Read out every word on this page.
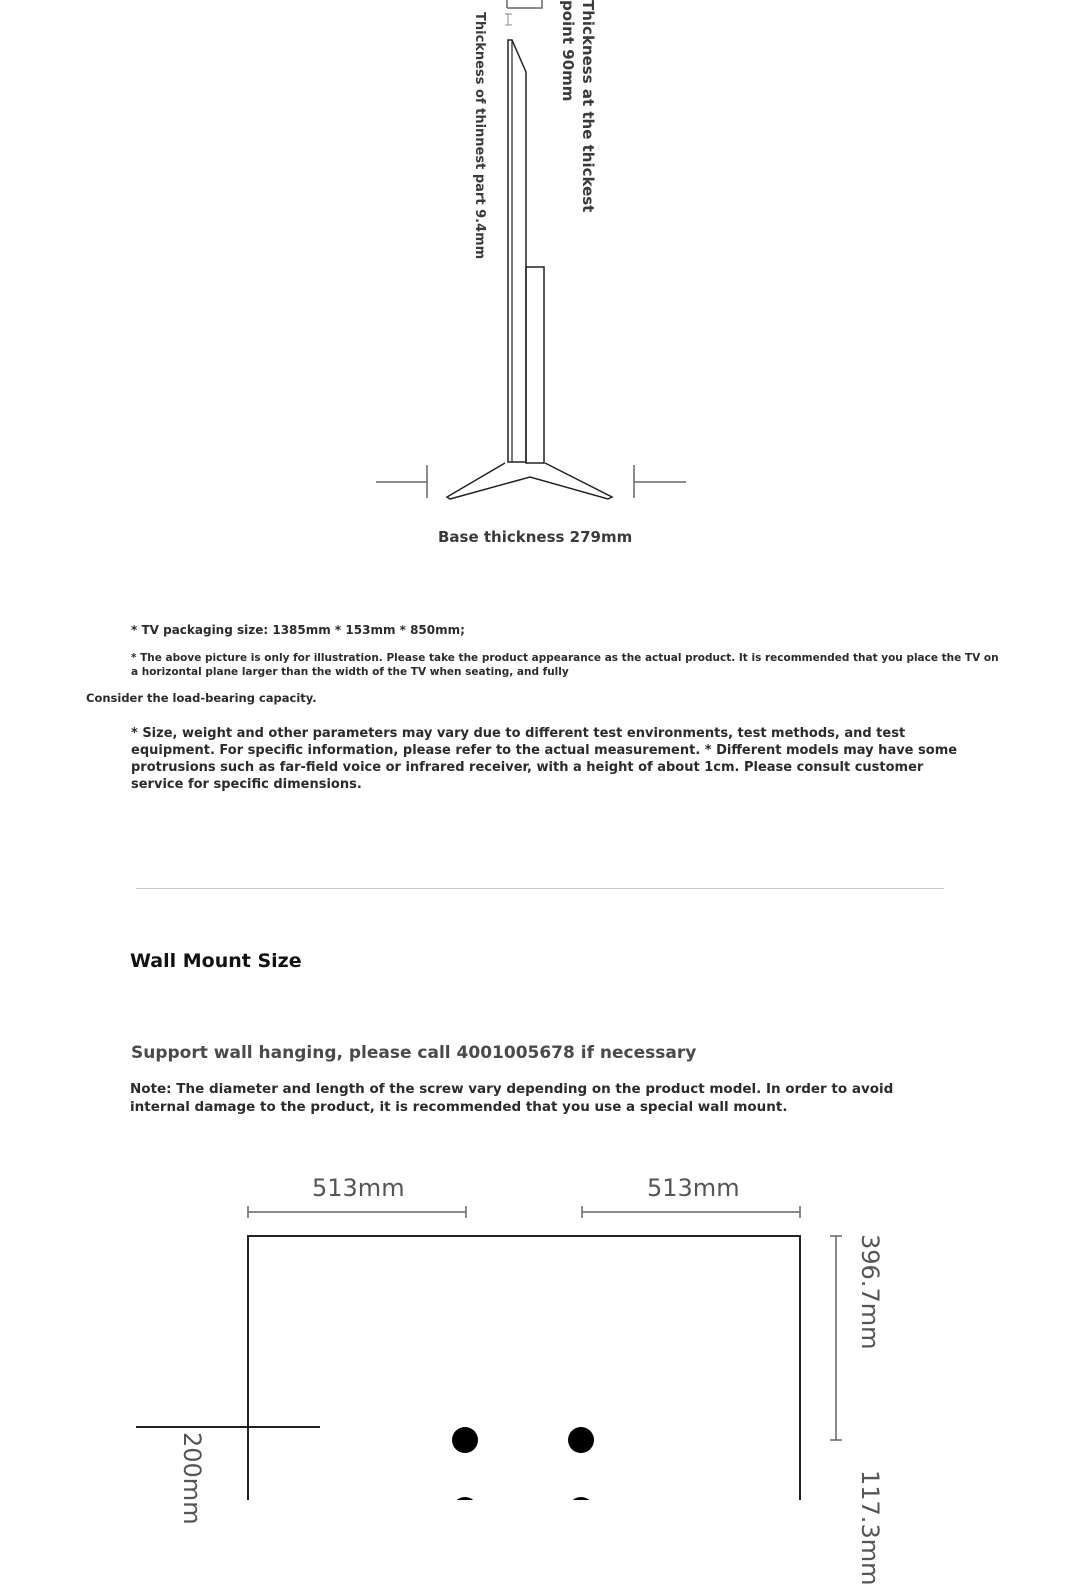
Thickness at the thickest
point 90mm
Thickness of thinnest part 9.4mm
Base thickness 279mm
* TV packaging size: 1385mm * 153mm * 850mm;
* The above picture is only for illustration. Please take the product appearance as the actual product. It is recommended that you place the TV on
a horizontal plane larger than the width of the TV when seating, and fully
Consider the load-bearing capacity.
* Size, weight and other parameters may vary due to different test environments, test methods, and test equipment. For specific information, please refer to the actual measurement. * Different models may have some protrusions such as far-field voice or infrared receiver, with a height of about 1cm. Please consult customer service for specific dimensions.
Wall Mount Size
Support wall hanging, please call 4001005678 if necessary
Note: The diameter and length of the screw vary depending on the product model. In order to avoid internal damage to the product, it is recommended that you use a special wall mount.
513mm	513mm
396.7mm
200mm	117.3mm
